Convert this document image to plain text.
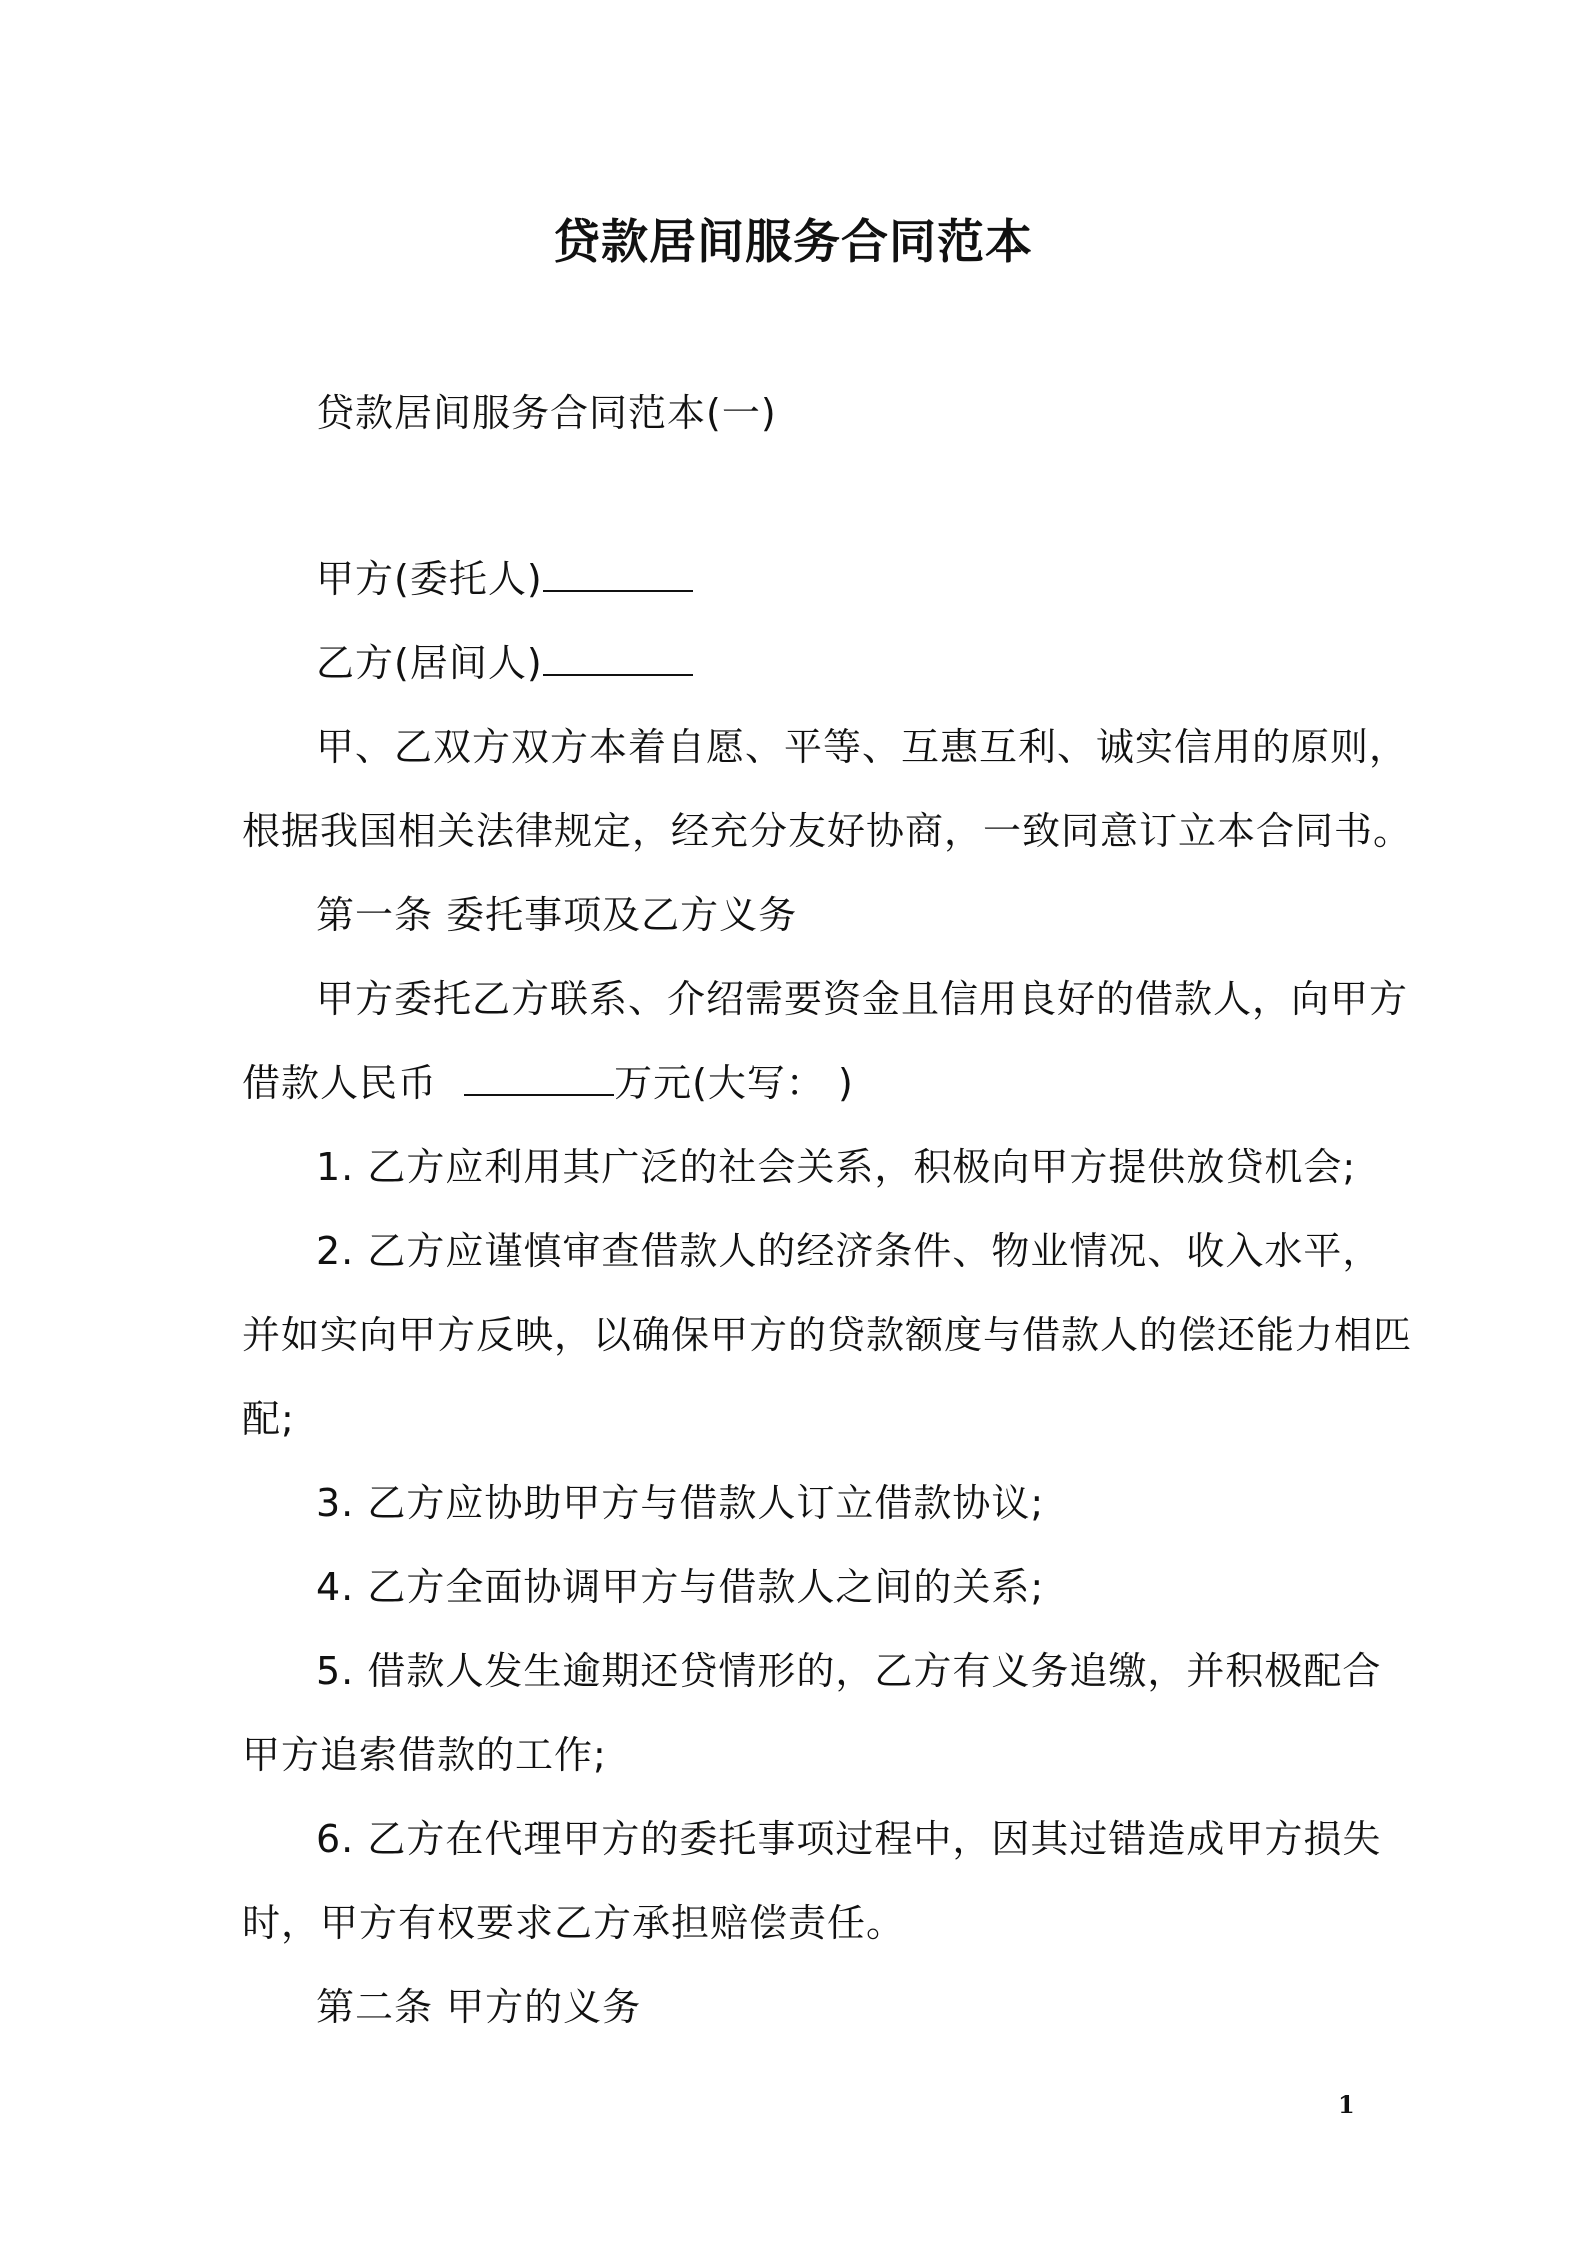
贷款居间服务合同范本

贷款居间服务合同范本(一)

甲方(委托人)

乙方(居间人)

甲、乙双方双方本着自愿、平等、互惠互利、诚实信用的原则，

根据我国相关法律规定，经充分友好协商，一致同意订立本合同书。

第一条 委托事项及乙方义务

甲方委托乙方联系、介绍需要资金且信用良好的借款人，向甲方

借款人民币	万元(大写： )

1. 乙方应利用其广泛的社会关系，积极向甲方提供放贷机会;

2. 乙方应谨慎审查借款人的经济条件、物业情况、收入水平，

并如实向甲方反映，以确保甲方的贷款额度与借款人的偿还能力相匹

配;

3. 乙方应协助甲方与借款人订立借款协议;

4. 乙方全面协调甲方与借款人之间的关系;

5. 借款人发生逾期还贷情形的，乙方有义务追缴，并积极配合

甲方追索借款的工作;

6. 乙方在代理甲方的委托事项过程中，因其过错造成甲方损失

时，甲方有权要求乙方承担赔偿责任。

第二条 甲方的义务

1
